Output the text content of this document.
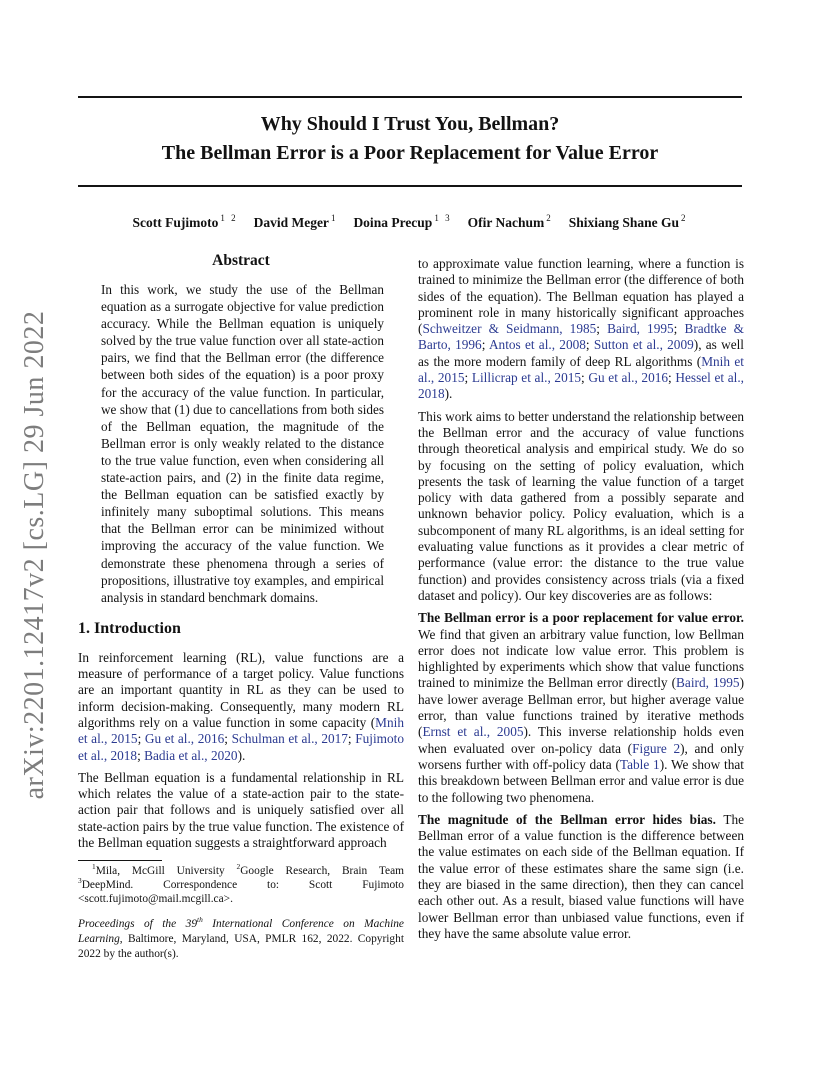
arXiv:2201.12417v2 [cs.LG] 29 Jun 2022
Why Should I Trust You, Bellman?
The Bellman Error is a Poor Replacement for Value Error
Scott Fujimoto $^{1 2}$ David Meger $^1$ Doina Precup $^{1 3}$ Ofir Nachum $^2$ Shixiang Shane Gu $^2$
Abstract
In this work, we study the use of the Bellman equation as a surrogate objective for value prediction accuracy. While the Bellman equation is uniquely solved by the true value function over all state-action pairs, we find that the Bellman error (the difference between both sides of the equation) is a poor proxy for the accuracy of the value function. In particular, we show that (1) due to cancellations from both sides of the Bellman equation, the magnitude of the Bellman error is only weakly related to the distance to the true value function, even when considering all state-action pairs, and (2) in the finite data regime, the Bellman equation can be satisfied exactly by infinitely many suboptimal solutions. This means that the Bellman error can be minimized without improving the accuracy of the value function. We demonstrate these phenomena through a series of propositions, illustrative toy examples, and empirical analysis in standard benchmark domains.
1. Introduction

In reinforcement learning (RL), value functions are a measure of performance of a target policy. Value functions are an important quantity in RL as they can be used to inform decision-making. Consequently, many modern RL algorithms rely on a value function in some capacity (Mnih et al., 2015; Gu et al., 2016; Schulman et al., 2017; Fujimoto et al., 2018; Badia et al., 2020).

The Bellman equation is a fundamental relationship in RL which relates the value of a state-action pair to the state-action pair that follows and is uniquely satisfied over all state-action pairs by the true value function. The existence of the Bellman equation suggests a straightforward approach

$^1$Mila, McGill University $^2$Google Research, Brain Team $^3$DeepMind. Correspondence to: Scott Fujimoto <scott.fujimoto@mail.mcgill.ca>.

Proceedings of the 39th International Conference on Machine Learning, Baltimore, Maryland, USA, PMLR 162, 2022. Copyright 2022 by the author(s).

to approximate value function learning, where a function is trained to minimize the Bellman error (the difference of both sides of the equation). The Bellman equation has played a prominent role in many historically significant approaches (Schweitzer & Seidmann, 1985; Baird, 1995; Bradtke & Barto, 1996; Antos et al., 2008; Sutton et al., 2009), as well as the more modern family of deep RL algorithms (Mnih et al., 2015; Lillicrap et al., 2015; Gu et al., 2016; Hessel et al., 2018).

This work aims to better understand the relationship between the Bellman error and the accuracy of value functions through theoretical analysis and empirical study. We do so by focusing on the setting of policy evaluation, which presents the task of learning the value function of a target policy with data gathered from a possibly separate and unknown behavior policy. Policy evaluation, which is a subcomponent of many RL algorithms, is an ideal setting for evaluating value functions as it provides a clear metric of performance (value error: the distance to the true value function) and provides consistency across trials (via a fixed dataset and policy). Our key discoveries are as follows:

The Bellman error is a poor replacement for value error. We find that given an arbitrary value function, low Bellman error does not indicate low value error. This problem is highlighted by experiments which show that value functions trained to minimize the Bellman error directly (Baird, 1995) have lower average Bellman error, but higher average value error, than value functions trained by iterative methods (Ernst et al., 2005). This inverse relationship holds even when evaluated over on-policy data (Figure 2), and only worsens further with off-policy data (Table 1). We show that this breakdown between Bellman error and value error is due to the following two phenomena.

The magnitude of the Bellman error hides bias. The Bellman error of a value function is the difference between the value estimates on each side of the Bellman equation. If the value error of these estimates share the same sign (i.e. they are biased in the same direction), then they can cancel each other out. As a result, biased value functions will have lower Bellman error than unbiased value functions, even if they have the same absolute value error.
